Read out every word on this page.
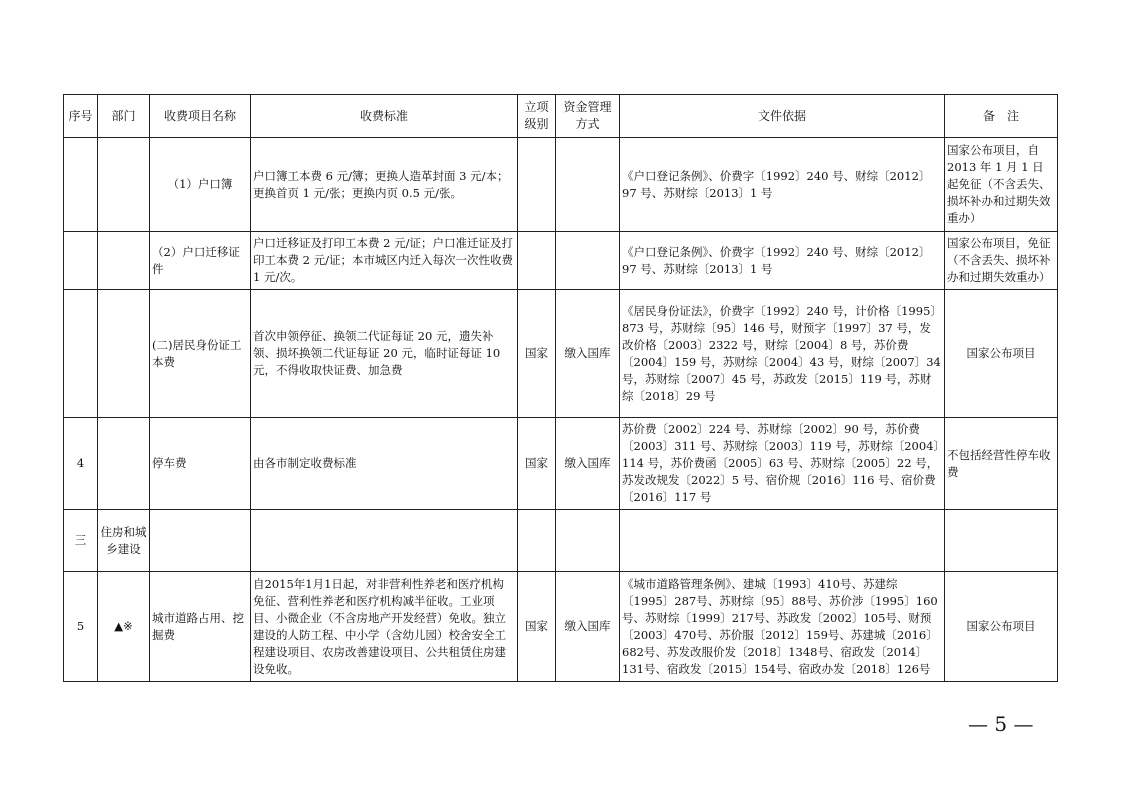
序号	部门	收费项目名称	收费标准	立项级别	资金管理方式	文件依据	备　注
		（1）户口簿	户口簿工本费 6 元/簿；更换人造革封面 3 元/本；更换首页 1 元/张；更换内页 0.5 元/张。			《户口登记条例》、价费字〔1992〕240 号、财综〔2012〕97 号、苏财综〔2013〕1 号	国家公布项目，自2013 年 1 月 1 日起免征（不含丢失、损坏补办和过期失效重办）
		（2）户口迁移证件	户口迁移证及打印工本费 2 元/证；户口准迁证及打印工本费 2 元/证；本市城区内迁入每次一次性收费 1 元/次。			《户口登记条例》、价费字〔1992〕240 号、财综〔2012〕97 号、苏财综〔2013〕1 号	国家公布项目，免征（不含丢失、损坏补办和过期失效重办）
		(二)居民身份证工本费	首次申领停征、换领二代证每证 20 元，遗失补领、损坏换领二代证每证 20 元，临时证每证 10 元，不得收取快证费、加急费	国家	缴入国库	《居民身份证法》，价费字〔1992〕240 号，计价格〔1995〕873 号，苏财综〔95〕146 号，财预字〔1997〕37 号，发改价格〔2003〕2322 号，财综〔2004〕8 号，苏价费〔2004〕159 号，苏财综〔2004〕43 号，财综〔2007〕34 号，苏财综〔2007〕45 号，苏政发〔2015〕119 号，苏财综〔2018〕29 号	国家公布项目
4		停车费	由各市制定收费标准	国家	缴入国库	苏价费〔2002〕224 号、苏财综〔2002〕90 号，苏价费〔2003〕311 号、苏财综〔2003〕119 号，苏财综〔2004〕114 号，苏价费函〔2005〕63 号、苏财综〔2005〕22 号，苏发改规发〔2022〕5 号、宿价规〔2016〕116 号、宿价费〔2016〕117 号	不包括经营性停车收费
三	住房和城乡建设						
5	▲※	城市道路占用、挖掘费	自2015年1月1日起，对非营利性养老和医疗机构免征、营利性养老和医疗机构减半征收。工业项目、小微企业（不含房地产开发经营）免收。独立建设的人防工程、中小学（含幼儿园）校舍安全工程建设项目、农房改善建设项目、公共租赁住房建设免收。	国家	缴入国库	《城市道路管理条例》、建城〔1993〕410号、苏建综〔1995〕287号、苏财综〔95〕88号、苏价涉〔1995〕160号、苏财综〔1999〕217号、苏政发〔2002〕105号、财预〔2003〕470号、苏价服〔2012〕159号、苏建城〔2016〕682号、苏发改服价发〔2018〕1348号、宿政发〔2014〕131号、宿政发〔2015〕154号、宿政办发〔2018〕126号	国家公布项目
— 5 —
